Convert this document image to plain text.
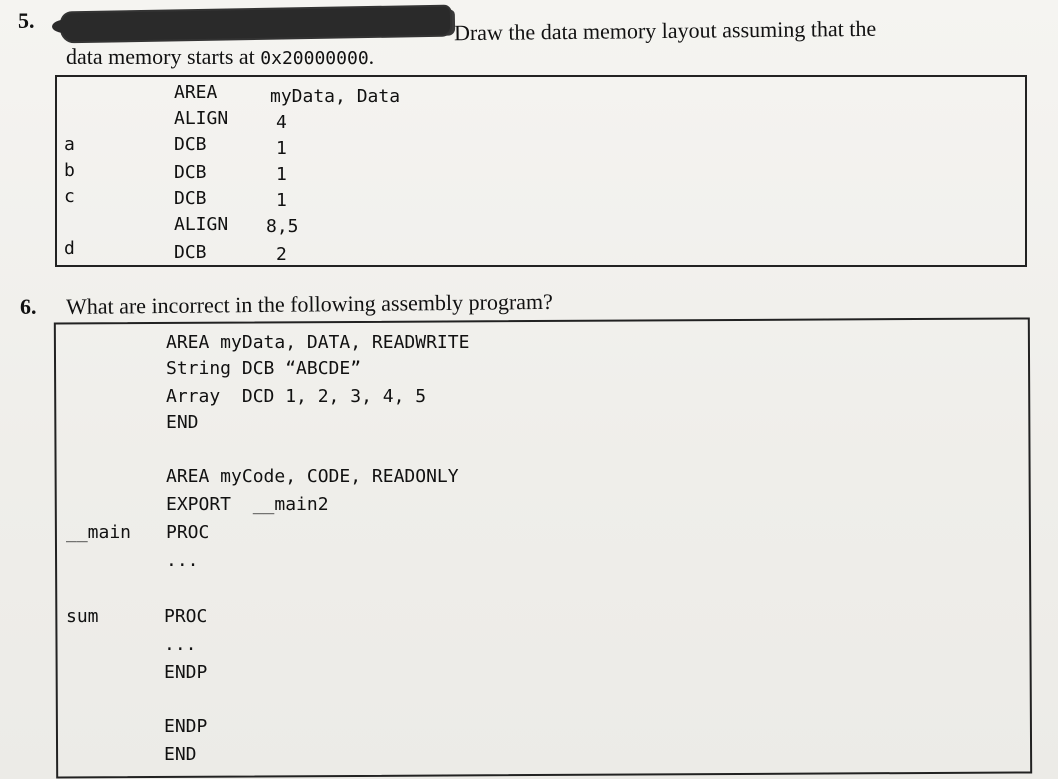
5.	Draw the data memory layout assuming that the
data memory starts at 0x20000000.
AREA	myData, Data
ALIGN	4
a	DCB	1
b	DCB	1
c	DCB	1
ALIGN 8,5
d	DCB	2
6. What are incorrect in the following assembly program?
AREA myData, DATA, READWRITE
String DCB “ABCDE”
Array  DCD 1, 2, 3, 4, 5
END
AREA myCode, CODE, READONLY
EXPORT  __main2
__main PROC
...
sum	PROC
...
ENDP
ENDP
END
